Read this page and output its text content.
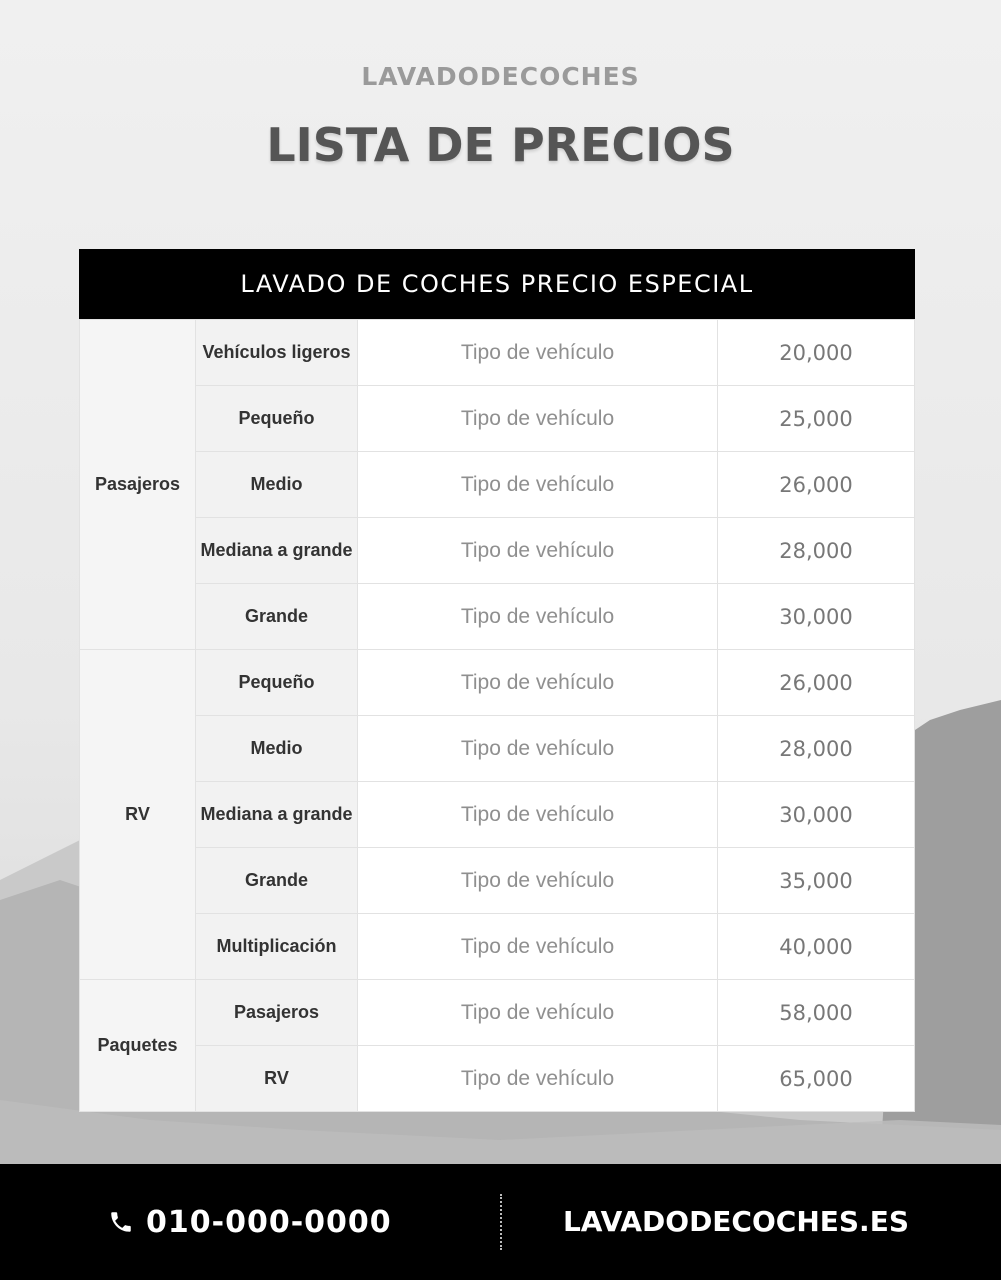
LAVADODECOCHES
LISTA DE PRECIOS
LAVADO DE COCHES PRECIO ESPECIAL
Pasajeros	Vehículos ligeros	Tipo de vehículo	20,000
	Pequeño	Tipo de vehículo	25,000
	Medio	Tipo de vehículo	26,000
	Mediana a grande	Tipo de vehículo	28,000
	Grande	Tipo de vehículo	30,000
RV	Pequeño	Tipo de vehículo	26,000
	Medio	Tipo de vehículo	28,000
	Mediana a grande	Tipo de vehículo	30,000
	Grande	Tipo de vehículo	35,000
	Multiplicación	Tipo de vehículo	40,000
Paquetes	Pasajeros	Tipo de vehículo	58,000
	RV	Tipo de vehículo	65,000
010-000-0000	LAVADODECOCHES.ES
